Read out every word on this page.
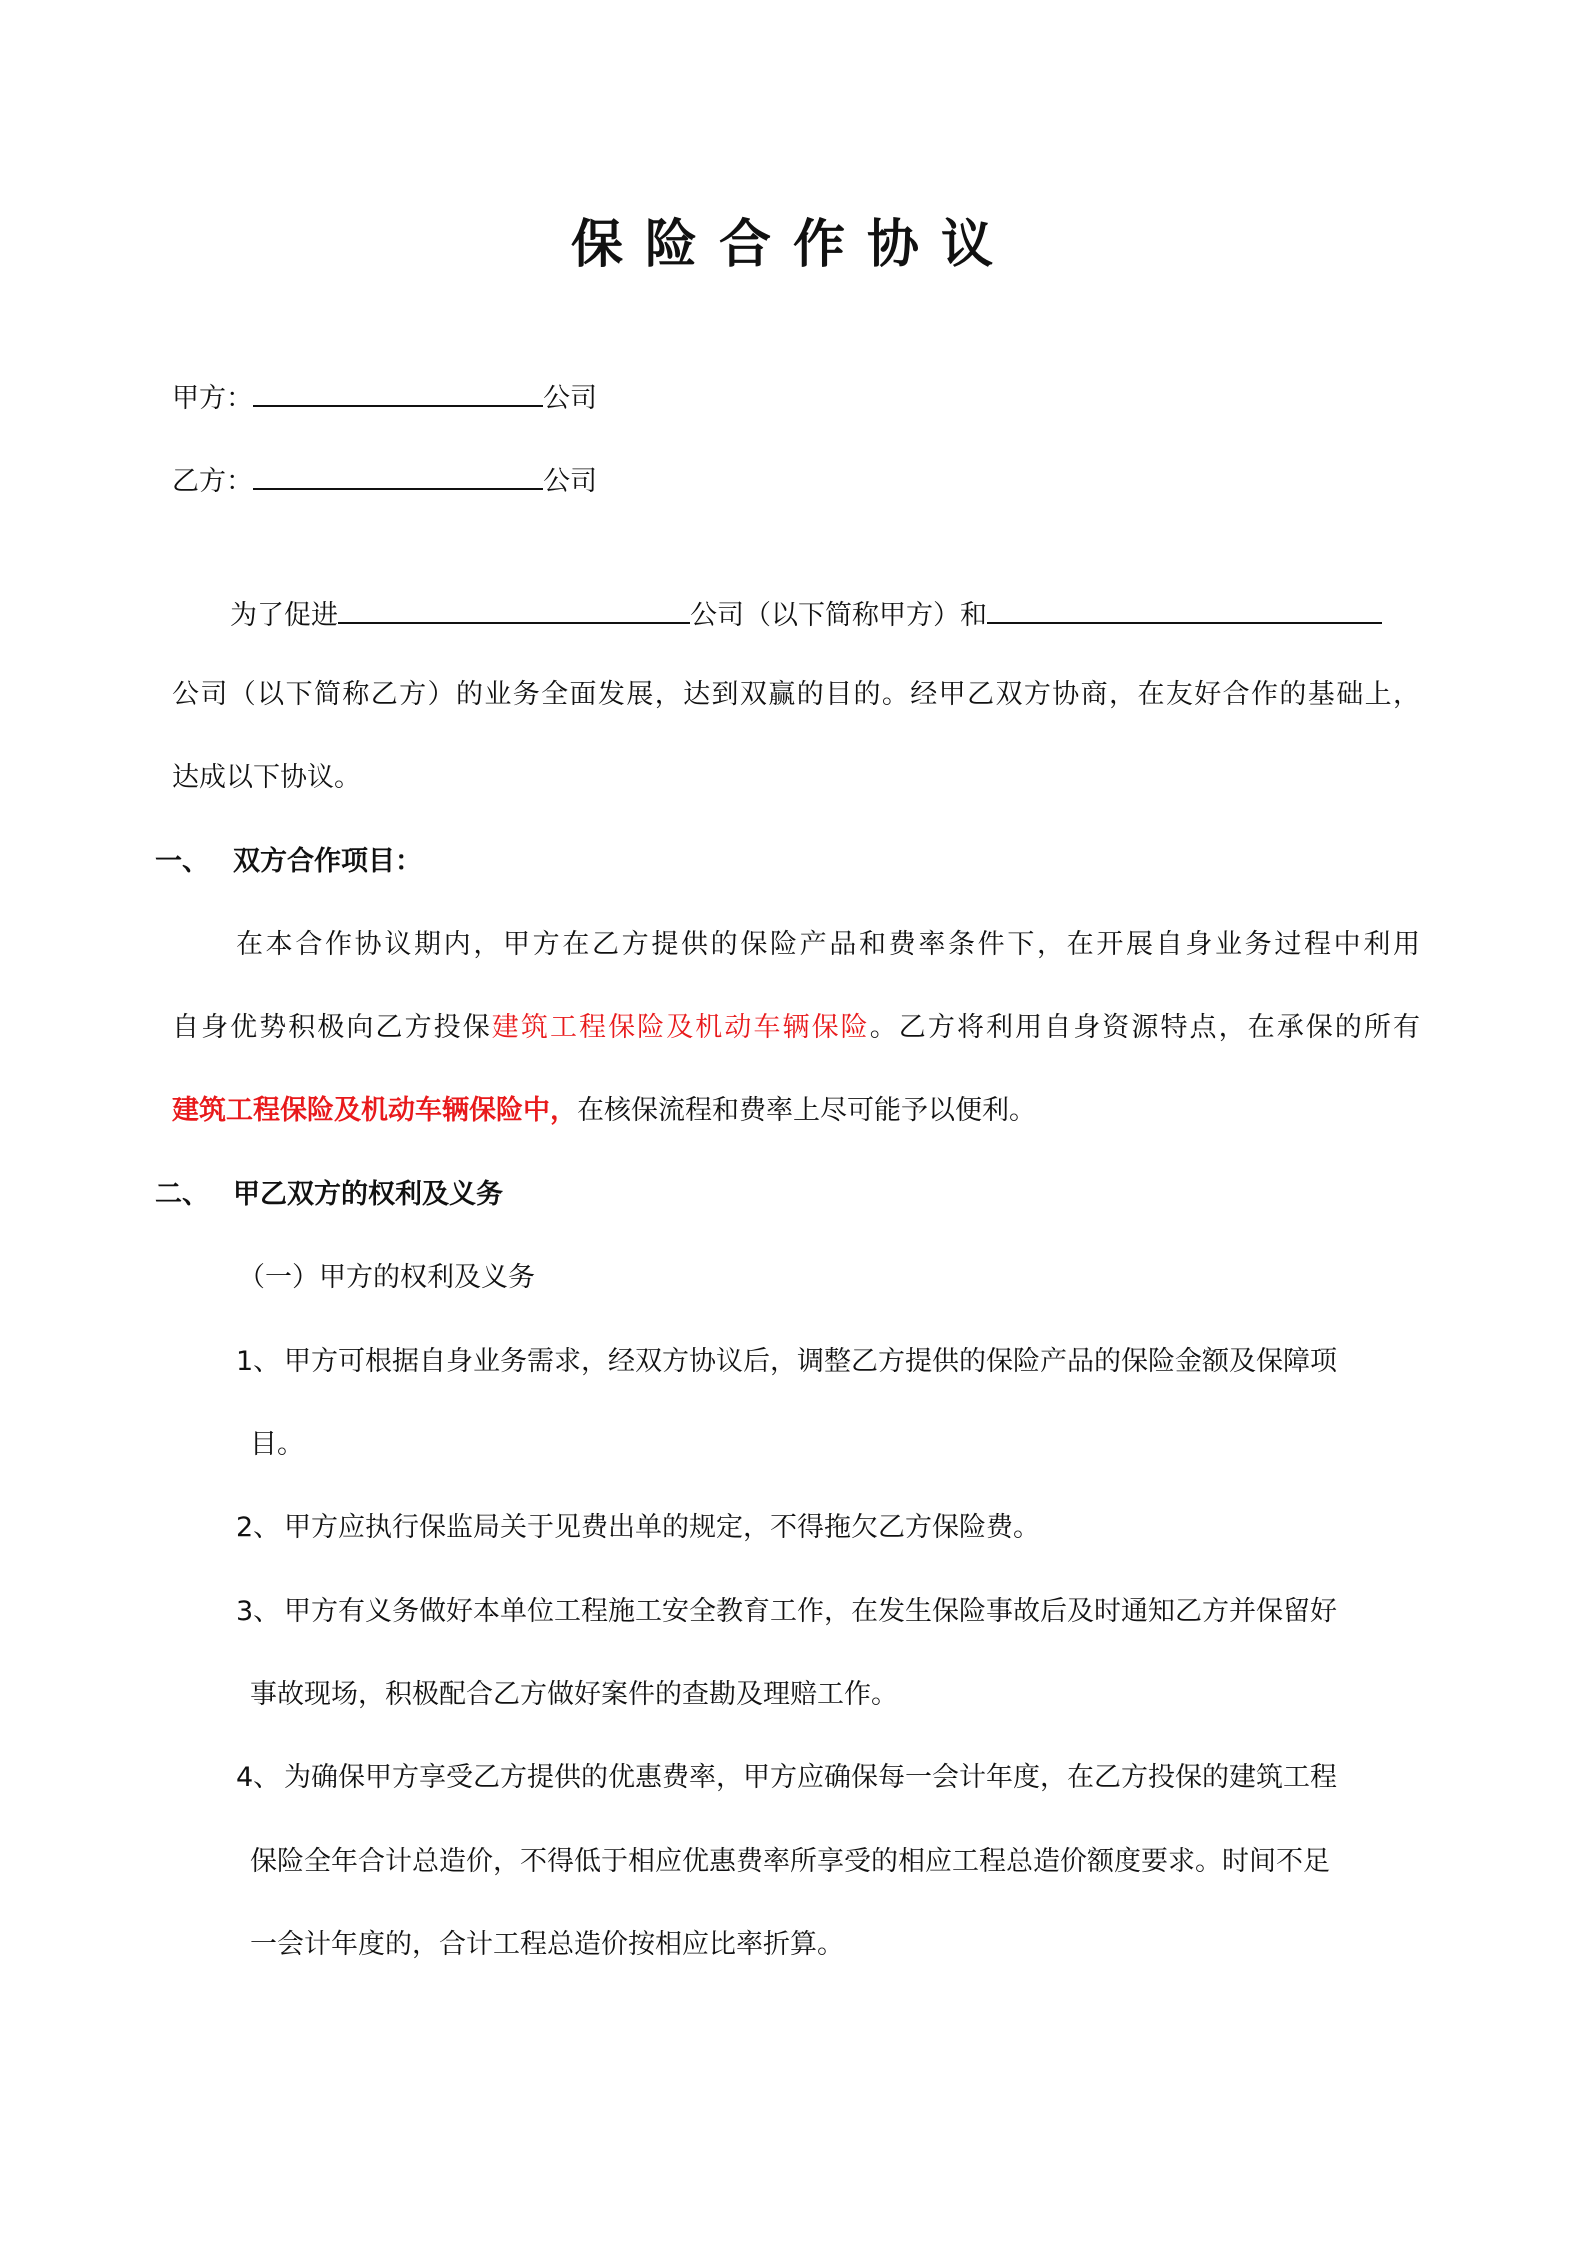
保险合作协议
甲方：	公司
乙方：	公司
为了促进	公司（以下简称甲方）和
公司（以下简称乙方）的业务全面发展，达到双赢的目的。经甲乙双方协商，在友好合作的基础上，
达成以下协议。
一、 双方合作项目：
在本合作协议期内，甲方在乙方提供的保险产品和费率条件下，在开展自身业务过程中利用
自身优势积极向乙方投保建筑工程保险及机动车辆保险。乙方将利用自身资源特点，在承保的所有
建筑工程保险及机动车辆保险中，在核保流程和费率上尽可能予以便利。
二、 甲乙双方的权利及义务
（一）甲方的权利及义务
1、 甲方可根据自身业务需求，经双方协议后，调整乙方提供的保险产品的保险金额及保障项
目。
2、 甲方应执行保监局关于见费出单的规定，不得拖欠乙方保险费。
3、 甲方有义务做好本单位工程施工安全教育工作，在发生保险事故后及时通知乙方并保留好
事故现场，积极配合乙方做好案件的查勘及理赔工作。
4、 为确保甲方享受乙方提供的优惠费率，甲方应确保每一会计年度，在乙方投保的建筑工程
保险全年合计总造价，不得低于相应优惠费率所享受的相应工程总造价额度要求。时间不足
一会计年度的，合计工程总造价按相应比率折算。
